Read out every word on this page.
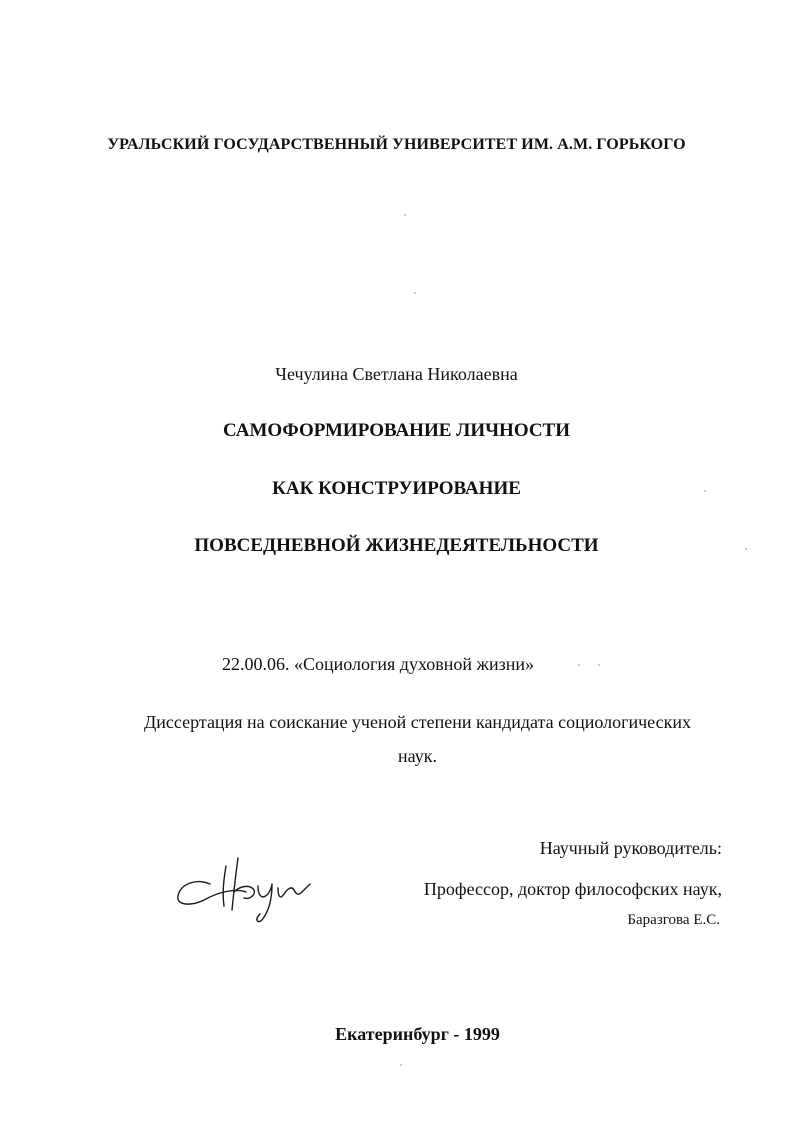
УРАЛЬСКИЙ ГОСУДАРСТВЕННЫЙ УНИВЕРСИТЕТ ИМ. А.М. ГОРЬКОГО
Чечулина Светлана Николаевна
САМОФОРМИРОВАНИЕ ЛИЧНОСТИ
КАК КОНСТРУИРОВАНИЕ
ПОВСЕДНЕВНОЙ ЖИЗНЕДЕЯТЕЛЬНОСТИ
22.00.06. «Социология духовной жизни»
Диссертация на соискание ученой степени кандидата социологических
наук.
Научный руководитель:
Профессор, доктор философских наук,
Баразгова Е.С.
Екатеринбург - 1999
